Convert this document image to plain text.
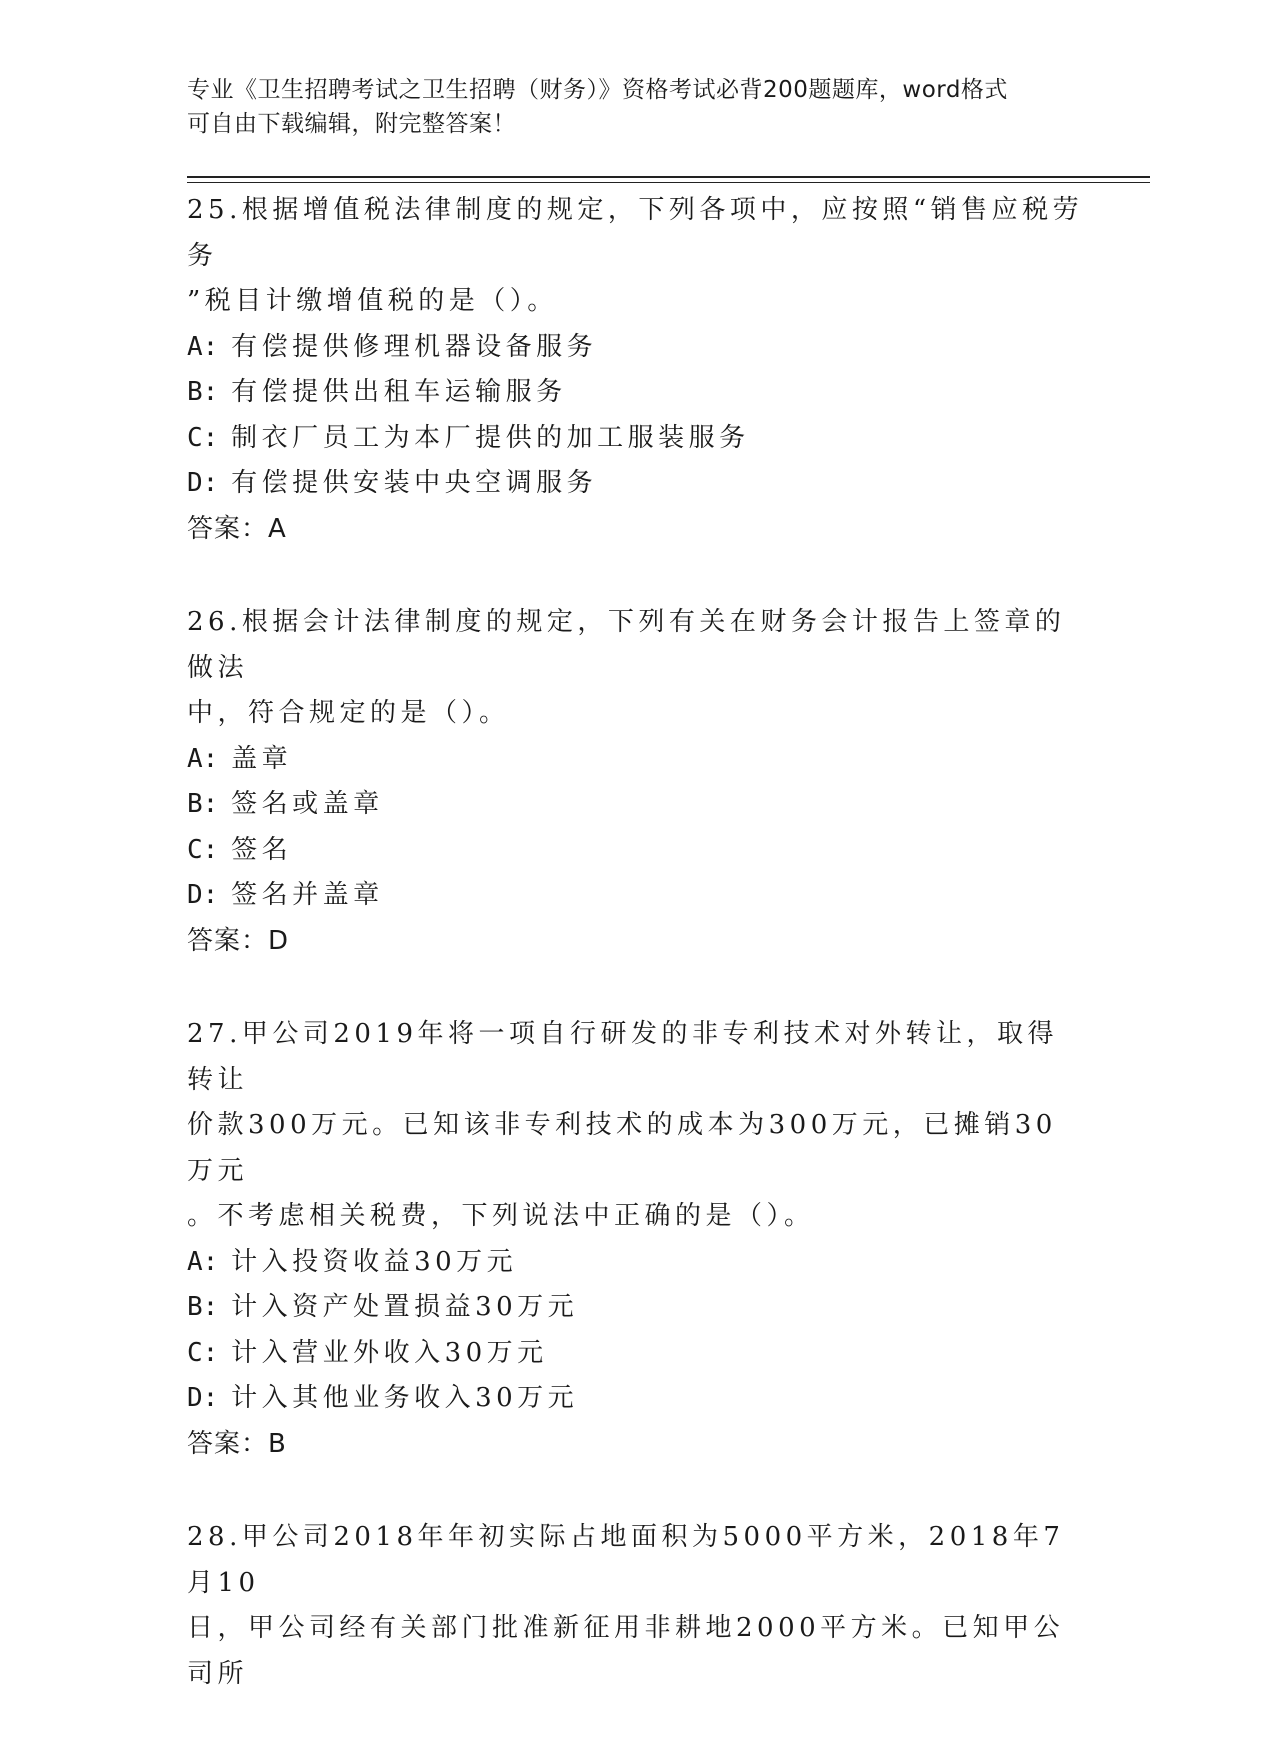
专业《卫生招聘考试之卫生招聘（财务）》资格考试必背200题题库，word格式
可自由下载编辑，附完整答案！
25.根据增值税法律制度的规定，下列各项中，应按照“销售应税劳务
”税目计缴增值税的是（）。
A: 有偿提供修理机器设备服务
B: 有偿提供出租车运输服务
C: 制衣厂员工为本厂提供的加工服装服务
D: 有偿提供安装中央空调服务
答案：A
26.根据会计法律制度的规定，下列有关在财务会计报告上签章的做法
中，符合规定的是（）。
A: 盖章
B: 签名或盖章
C: 签名
D: 签名并盖章
答案：D
27.甲公司2019年将一项自行研发的非专利技术对外转让，取得转让
价款300万元。已知该非专利技术的成本为300万元，已摊销30万元
。不考虑相关税费，下列说法中正确的是（）。
A: 计入投资收益30万元
B: 计入资产处置损益30万元
C: 计入营业外收入30万元
D: 计入其他业务收入30万元
答案：B
28.甲公司2018年年初实际占地面积为5000平方米，2018年7月10
日，甲公司经有关部门批准新征用非耕地2000平方米。已知甲公司所
